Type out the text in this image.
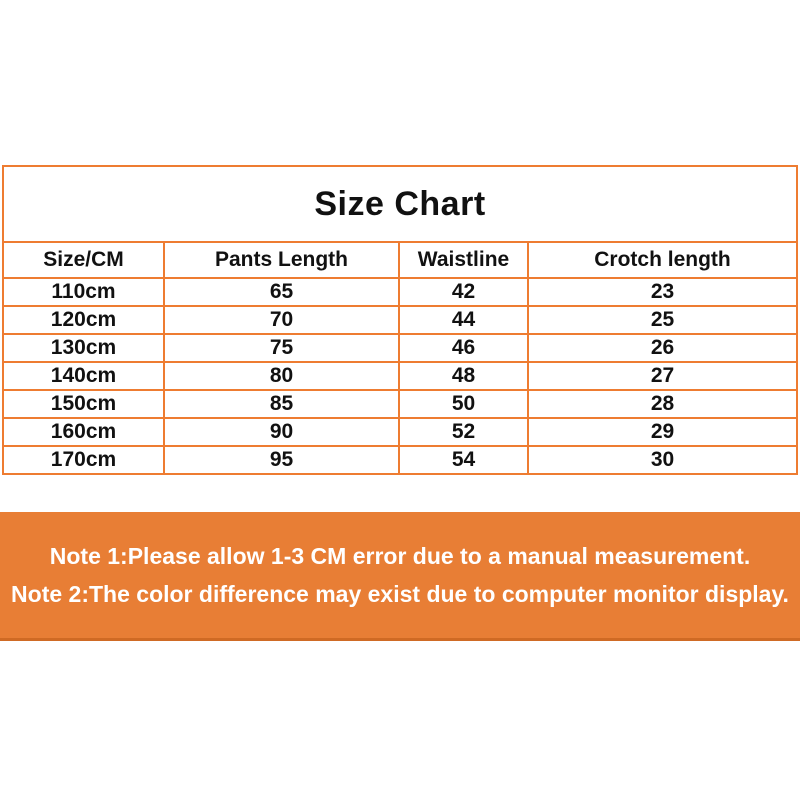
Size Chart			
Size/CM	Pants Length	Waistline	Crotch length
110cm	65	42	23
120cm	70	44	25
130cm	75	46	26
140cm	80	48	27
150cm	85	50	28
160cm	90	52	29
170cm	95	54	30
Note 1:Please allow 1-3 CM error due to a manual measurement.
Note 2:The color difference may exist due to computer monitor display.
